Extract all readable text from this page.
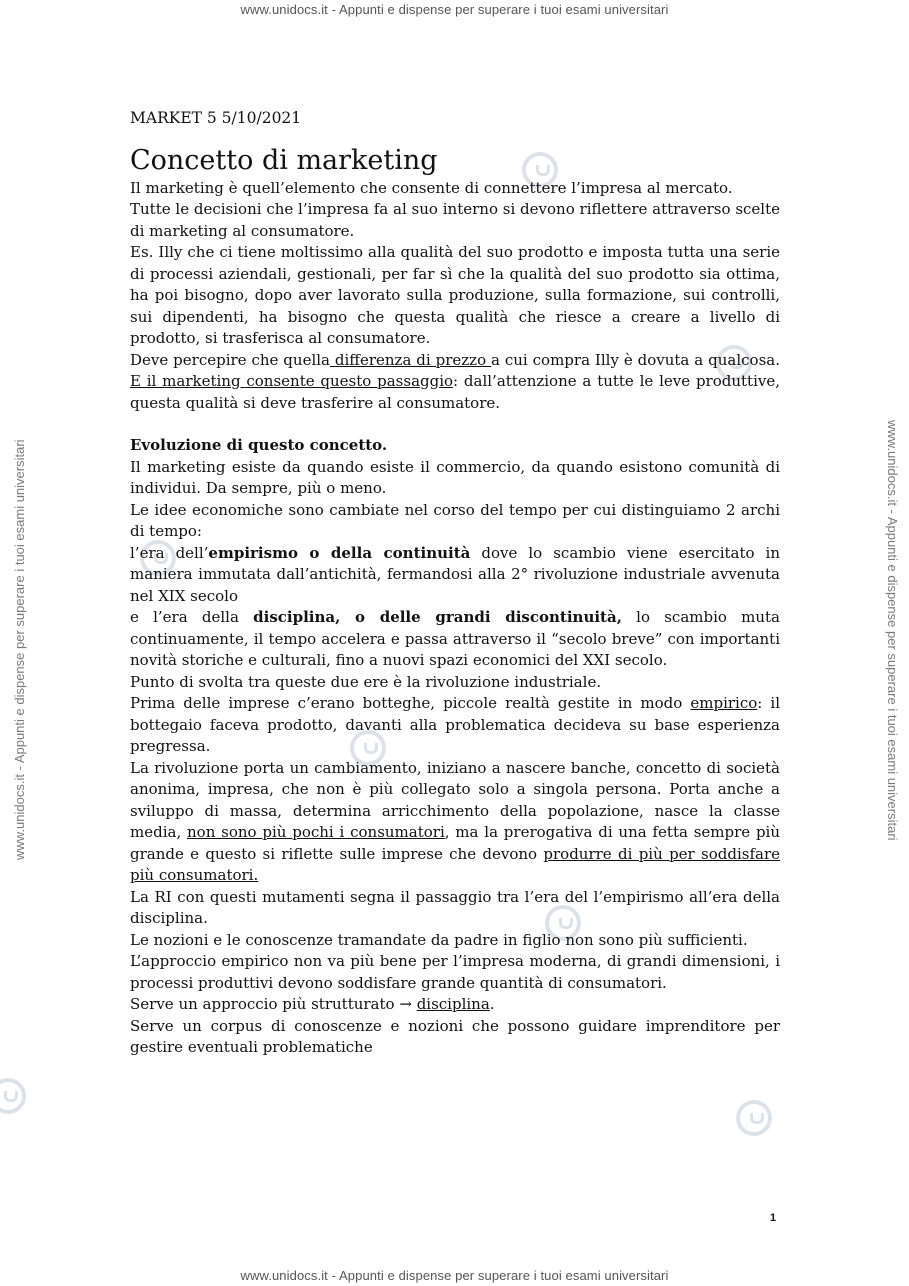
www.unidocs.it - Appunti e dispense per superare i tuoi esami universitari
www.unidocs.it - Appunti e dispense per superare i tuoi esami universitari
www.unidocs.it - Appunti e dispense per superare i tuoi esami universitari	www.unidocs.it - Appunti e dispense per superare i tuoi esami universitari
MARKET 5 5/10/2021
Concetto di marketing

Il marketing è quell’elemento che consente di connettere l’impresa al mercato.

Tutte le decisioni che l’impresa fa al suo interno si devono riflettere attraverso scelte di marketing al consumatore.

Es. Illy che ci tiene moltissimo alla qualità del suo prodotto e imposta tutta una serie di processi aziendali, gestionali, per far sì che la qualità del suo prodotto sia ottima, ha poi bisogno, dopo aver lavorato sulla produzione, sulla formazione, sui controlli, sui dipendenti, ha bisogno che questa qualità che riesce a creare a livello di prodotto, si trasferisca al consumatore.

Deve percepire che quella differenza di prezzo a cui compra Illy è dovuta a qualcosa. E il marketing consente questo passaggio: dall’attenzione a tutte le leve produttive, questa qualità si deve trasferire al consumatore.

Evoluzione di questo concetto.

Il marketing esiste da quando esiste il commercio, da quando esistono comunità di individui. Da sempre, più o meno.

Le idee economiche sono cambiate nel corso del tempo per cui distinguiamo 2 archi di tempo:

l’era dell’empirismo o della continuità dove lo scambio viene esercitato in maniera immutata dall’antichità, fermandosi alla 2° rivoluzione industriale avvenuta nel XIX secolo

e l’era della disciplina, o delle grandi discontinuità, lo scambio muta continuamente, il tempo accelera e passa attraverso il “secolo breve” con importanti novità storiche e culturali, fino a nuovi spazi economici del XXI secolo.

Punto di svolta tra queste due ere è la rivoluzione industriale.

Prima delle imprese c’erano botteghe, piccole realtà gestite in modo empirico: il bottegaio faceva prodotto, davanti alla problematica decideva su base esperienza pregressa.

La rivoluzione porta un cambiamento, iniziano a nascere banche, concetto di società anonima, impresa, che non è più collegato solo a singola persona. Porta anche a sviluppo di massa, determina arricchimento della popolazione, nasce la classe media, non sono più pochi i consumatori, ma la prerogativa di una fetta sempre più grande e questo si riflette sulle imprese che devono produrre di più per soddisfare più consumatori.

La RI con questi mutamenti segna il passaggio tra l’era del l’empirismo all’era della disciplina.

Le nozioni e le conoscenze tramandate da padre in figlio non sono più sufficienti.

L’approccio empirico non va più bene per l’impresa moderna, di grandi dimensioni, i processi produttivi devono soddisfare grande quantità di consumatori.

Serve un approccio più strutturato → disciplina.

Serve un corpus di conoscenze e nozioni che possono guidare imprenditore per gestire eventuali problematiche

1
